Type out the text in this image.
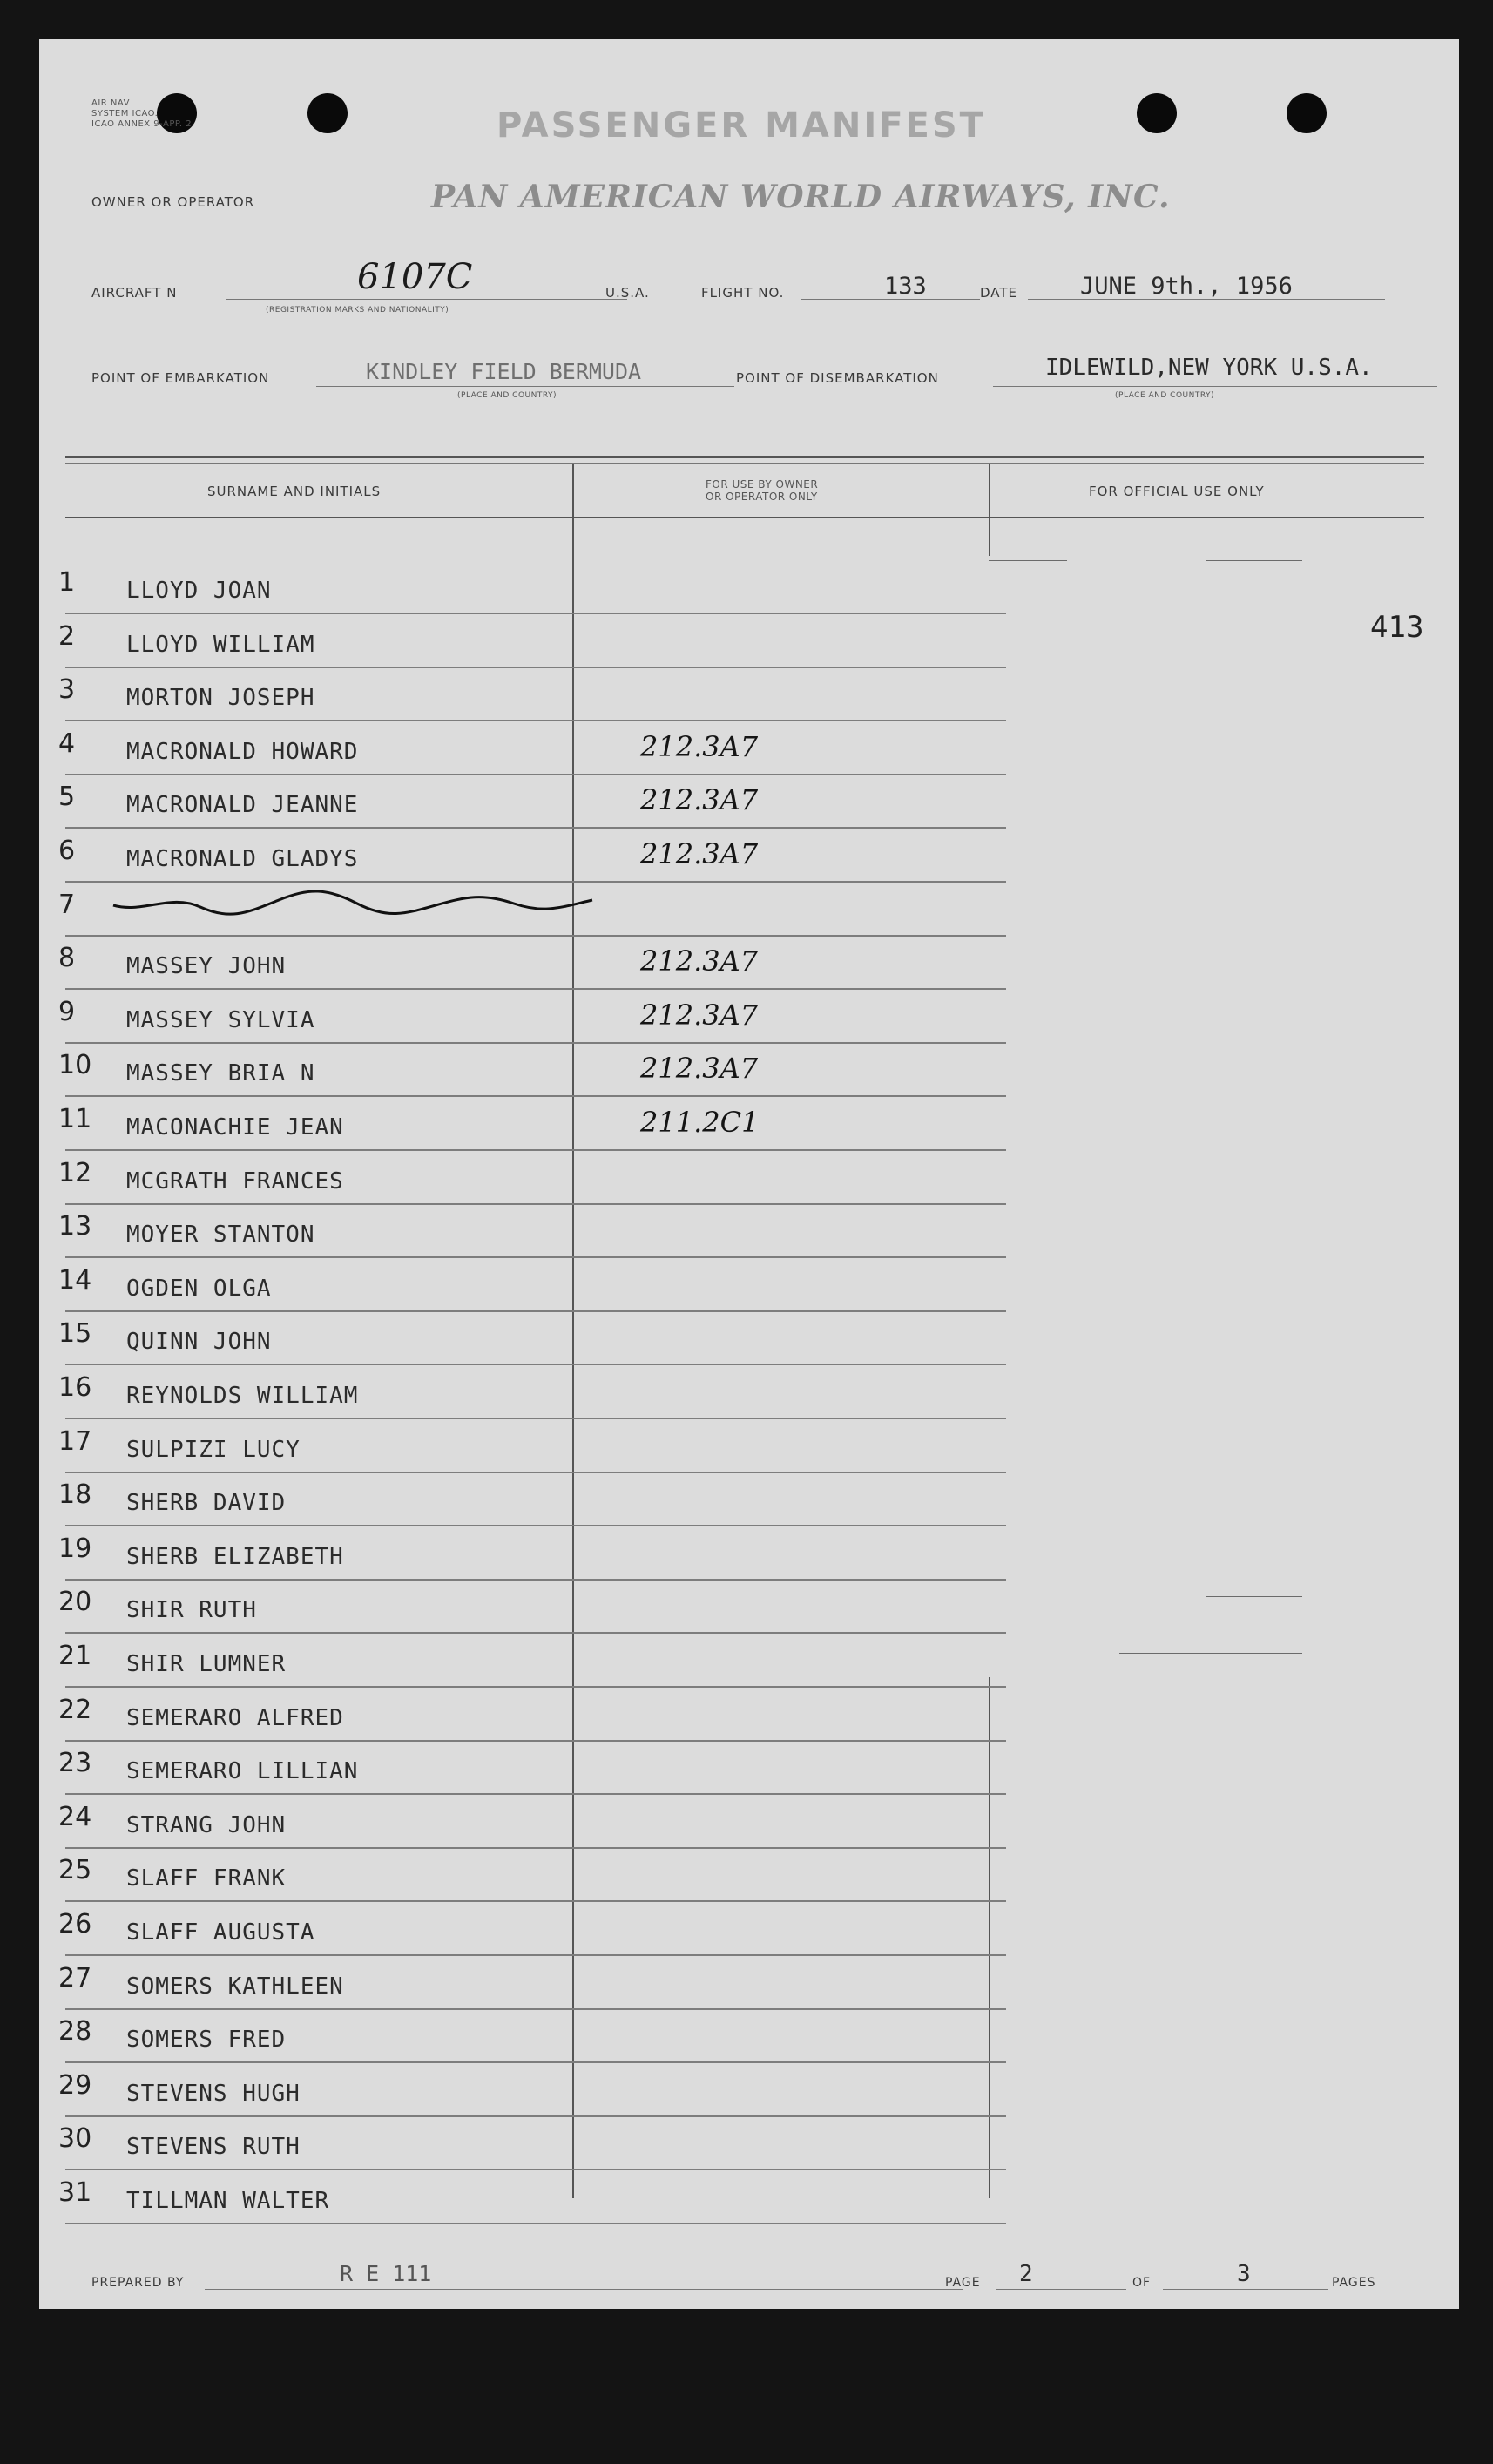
AIR NAV
SYSTEM ICAO.
ICAO ANNEX 9-APP. 2	PASSENGER MANIFEST
OWNER OR OPERATOR	PAN AMERICAN WORLD AIRWAYS, INC.
AIRCRAFT N	6107C
(REGISTRATION MARKS AND NATIONALITY)
U.S.A.	FLIGHT NO.	133	DATE	JUNE 9th., 1956
POINT OF EMBARKATION	KINDLEY FIELD BERMUDA
(PLACE AND COUNTRY)
POINT OF DISEMBARKATION	IDLEWILD,NEW YORK U.S.A.
(PLACE AND COUNTRY)
SURNAME AND INITIALS	FOR USE BY OWNER
OR OPERATOR ONLY	FOR OFFICIAL USE ONLY
413
1 LLOYD JOAN
2 LLOYD WILLIAM
3 MORTON JOSEPH
4 MACRONALD HOWARD	212.3A7
5 MACRONALD JEANNE	212.3A7
6 MACRONALD GLADYS	212.3A7
7
8 MASSEY JOHN	212.3A7
9 MASSEY SYLVIA	212.3A7
10 MASSEY BRIA N	212.3A7
11 MACONACHIE JEAN	211.2C1
12 MCGRATH FRANCES
13 MOYER STANTON
14 OGDEN OLGA
15 QUINN JOHN
16 REYNOLDS WILLIAM
17 SULPIZI LUCY
18 SHERB DAVID
19 SHERB ELIZABETH
20 SHIR RUTH
21 SHIR LUMNER
22 SEMERARO ALFRED
23 SEMERARO LILLIAN
24 STRANG JOHN
25 SLAFF FRANK
26 SLAFF AUGUSTA
27 SOMERS KATHLEEN
28 SOMERS FRED
29 STEVENS HUGH
30 STEVENS RUTH
31 TILLMAN WALTER
PREPARED BY	R E 111	PAGE 2	OF	3	PAGES
